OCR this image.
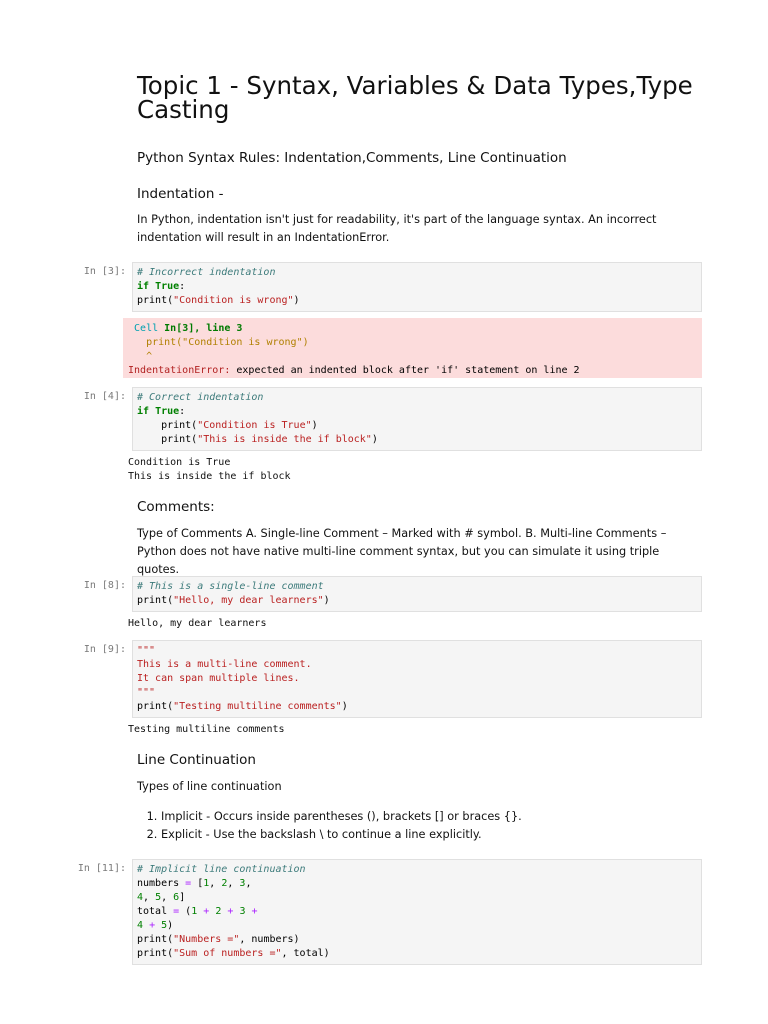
Topic 1 - Syntax, Variables & Data Types,Type Casting
Python Syntax Rules: Indentation,Comments, Line Continuation
Indentation -
In Python, indentation isn't just for readability, it's part of the language syntax. An incorrect indentation will result in an IndentationError.
In [3]: # Incorrect indentation
if True:
print("Condition is wrong")
Cell In[3], line 3
print("Condition is wrong")
^
IndentationError: expected an indented block after 'if' statement on line 2
In [4]: # Correct indentation
if True:
print("Condition is True")
print("This is inside the if block")
Condition is True
This is inside the if block
Comments:
Type of Comments A. Single-line Comment – Marked with # symbol. B. Multi-line Comments – Python does not have native multi-line comment syntax, but you can simulate it using triple quotes.
In [8]: # This is a single-line comment
print("Hello, my dear learners")
Hello, my dear learners
In [9]: """
This is a multi-line comment.
It can span multiple lines.
"""
print("Testing multiline comments")
Testing multiline comments
Line Continuation
Types of line continuation
1. Implicit - Occurs inside parentheses (), brackets [] or braces {}.
2. Explicit - Use the backslash \ to continue a line explicitly.
In [11]: # Implicit line continuation
numbers = [1, 2, 3,
4, 5, 6]
total = (1 + 2 + 3 +
4 + 5)
print("Numbers =", numbers)
print("Sum of numbers =", total)
